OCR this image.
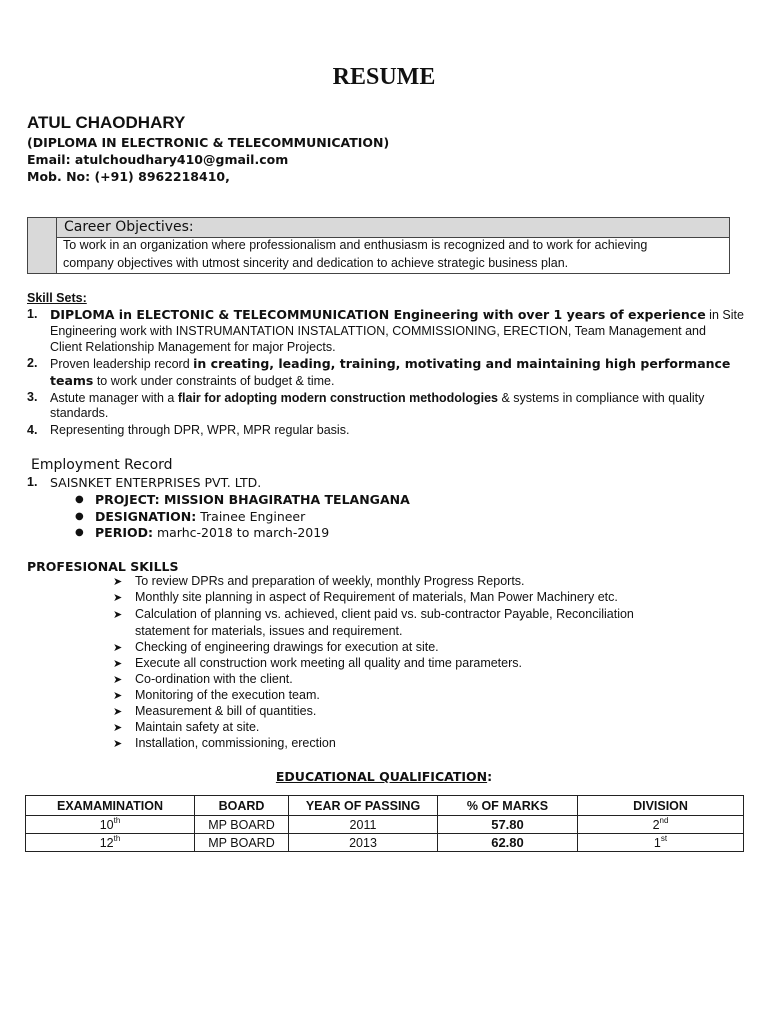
RESUME
ATUL CHAODHARY
(DIPLOMA IN ELECTRONIC & TELECOMMUNICATION)
Email: atulchoudhary410@gmail.com
Mob. No: (+91) 8962218410,
Career Objectives:
To work in an organization where professionalism and enthusiasm is recognized and to work for achieving
company objectives with utmost sincerity and dedication to achieve strategic business plan.
Skill Sets:
1. DIPLOMA in ELECTONIC & TELECOMMUNICATION Engineering with over 1 years of experience in Site
Engineering work with INSTRUMANTATION INSTALATTION, COMMISSIONING, ERECTION, Team Management and
Client Relationship Management for major Projects.
2. Proven leadership record in creating, leading, training, motivating and maintaining high performance
teams to work under constraints of budget & time.
3. Astute manager with a flair for adopting modern construction methodologies & systems in compliance with quality
standards.
4. Representing through DPR, WPR, MPR regular basis.
Employment Record
1. SAISNKET ENTERPRISES PVT. LTD.
● PROJECT: MISSION BHAGIRATHA TELANGANA
● DESIGNATION: Trainee Engineer
● PERIOD: marhc-2018 to march-2019
PROFESIONAL SKILLS
➤ To review DPRs and preparation of weekly, monthly Progress Reports.
➤ Monthly site planning in aspect of Requirement of materials, Man Power Machinery etc.
➤ Calculation of planning vs. achieved, client paid vs. sub-contractor Payable, Reconciliation
statement for materials, issues and requirement.
➤ Checking of engineering drawings for execution at site.
➤ Execute all construction work meeting all quality and time parameters.
➤ Co-ordination with the client.
➤ Monitoring of the execution team.
➤ Measurement & bill of quantities.
➤ Maintain safety at site.
➤ Installation, commissioning, erection
EDUCATIONAL QUALIFICATION:
EXAMAMINATION	BOARD	YEAR OF PASSING	% OF MARKS	DIVISION
10th	MP BOARD	2011	57.80	2nd
12th	MP BOARD	2013	62.80	1st
